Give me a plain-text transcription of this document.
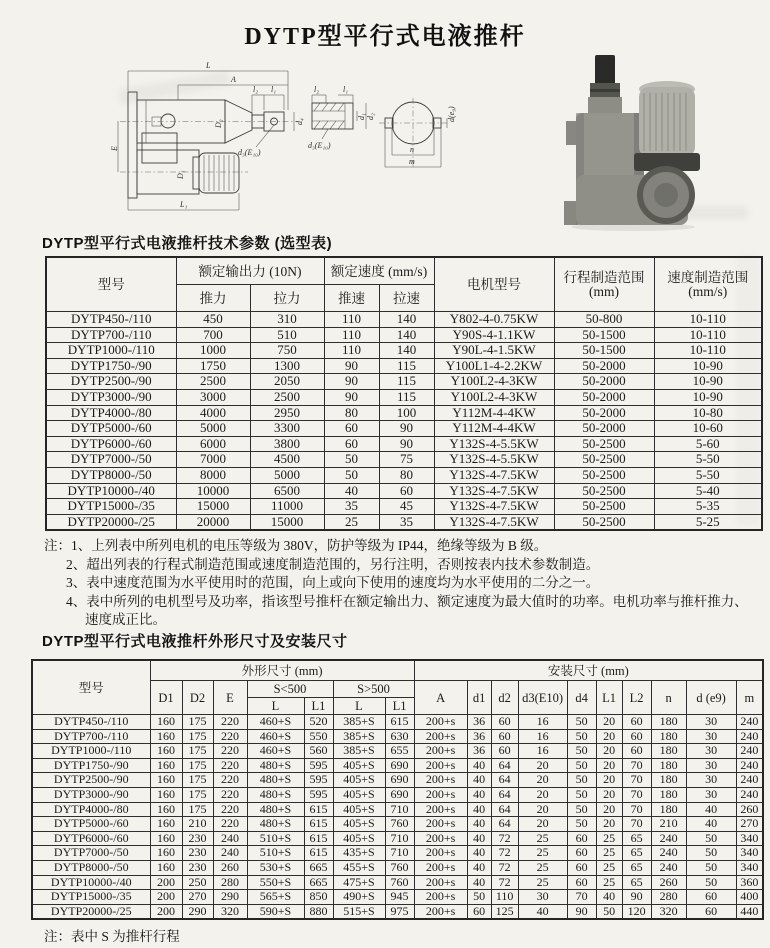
DYTP型平行式电液推杆
L
A
l₂ l₁
d₄
D₂
d₃(E₁₀)
E
D₁
L₁
l₂	l₁
d₁ d₂
d₃(E₁₀)
d(e₉)
n
m
DYTP型平行式电液推杆技术参数 (选型表)
型号	额定输出力 (10N)		额定速度 (mm/s)		电机型号	行程制造范围
(mm)	速度制造范围
(mm/s)

	推力	拉力	推速	拉速			
DYTP450-/110	450	310	110	140	Y802-4-0.75KW	50-800	10-110
DYTP700-/110	700	510	110	140	Y90S-4-1.1KW	50-1500	10-110
DYTP1000-/110	1000	750	110	140	Y90L-4-1.5KW	50-1500	10-110
DYTP1750-/90	1750	1300	90	115	Y100L1-4-2.2KW	50-2000	10-90
DYTP2500-/90	2500	2050	90	115	Y100L2-4-3KW	50-2000	10-90
DYTP3000-/90	3000	2500	90	115	Y100L2-4-3KW	50-2000	10-90
DYTP4000-/80	4000	2950	80	100	Y112M-4-4KW	50-2000	10-80
DYTP5000-/60	5000	3300	60	90	Y112M-4-4KW	50-2000	10-60
DYTP6000-/60	6000	3800	60	90	Y132S-4-5.5KW	50-2500	5-60
DYTP7000-/50	7000	4500	50	75	Y132S-4-5.5KW	50-2500	5-50
DYTP8000-/50	8000	5000	50	80	Y132S-4-7.5KW	50-2500	5-50
DYTP10000-/40	10000	6500	40	60	Y132S-4-7.5KW	50-2500	5-40
DYTP15000-/35	15000	11000	35	45	Y132S-4-7.5KW	50-2500	5-35
DYTP20000-/25	20000	15000	25	35	Y132S-4-7.5KW	50-2500	5-25
注：1、上列表中所列电机的电压等级为 380V，防护等级为 IP44，绝缘等级为 B 级。
2、超出列表的行程式制造范围或速度制造范围的，另行注明，否则按表内技术参数制造。
3、表中速度范围为水平使用时的范围，向上或向下使用的速度均为水平使用的二分之一。
4、表中所列的电机型号及功率，指该型号推杆在额定输出力、额定速度为最大值时的功率。电机功率与推杆推力、
速度成正比。
DYTP型平行式电液推杆外形尺寸及安装尺寸
型号	外形尺寸 (mm)							安装尺寸 (mm)									
	D1	D2	E	S<500		S>500		A	d1	d2	d3(E10)	d4	L1	L2	n	d (e9)	m
				L	L1	L	L1										
DYTP450-/110	160	175	220	460+S	520	385+S	615	200+s	36	60	16	50	20	60	180	30	240
DYTP700-/110	160	175	220	460+S	550	385+S	630	200+s	36	60	16	50	20	60	180	30	240
DYTP1000-/110	160	175	220	460+S	560	385+S	655	200+s	36	60	16	50	20	60	180	30	240
DYTP1750-/90	160	175	220	480+S	595	405+S	690	200+s	40	64	20	50	20	70	180	30	240
DYTP2500-/90	160	175	220	480+S	595	405+S	690	200+s	40	64	20	50	20	70	180	30	240
DYTP3000-/90	160	175	220	480+S	595	405+S	690	200+s	40	64	20	50	20	70	180	30	240
DYTP4000-/80	160	175	220	480+S	615	405+S	710	200+s	40	64	20	50	20	70	180	40	260
DYTP5000-/60	160	210	220	480+S	615	405+S	760	200+s	40	64	20	50	20	70	210	40	270
DYTP6000-/60	160	230	240	510+S	615	405+S	710	200+s	40	72	25	60	25	65	240	50	340
DYTP7000-/50	160	230	240	510+S	615	435+S	710	200+s	40	72	25	60	25	65	240	50	340
DYTP8000-/50	160	230	260	530+S	665	455+S	760	200+s	40	72	25	60	25	65	240	50	340
DYTP10000-/40	200	250	280	550+S	665	475+S	760	200+s	40	72	25	60	25	65	260	50	360
DYTP15000-/35	200	270	290	565+S	850	490+S	945	200+s	50	110	30	70	40	90	280	60	400
DYTP20000-/25	200	290	320	590+S	880	515+S	975	200+s	60	125	40	90	50	120	320	60	440
注：表中 S 为推杆行程
